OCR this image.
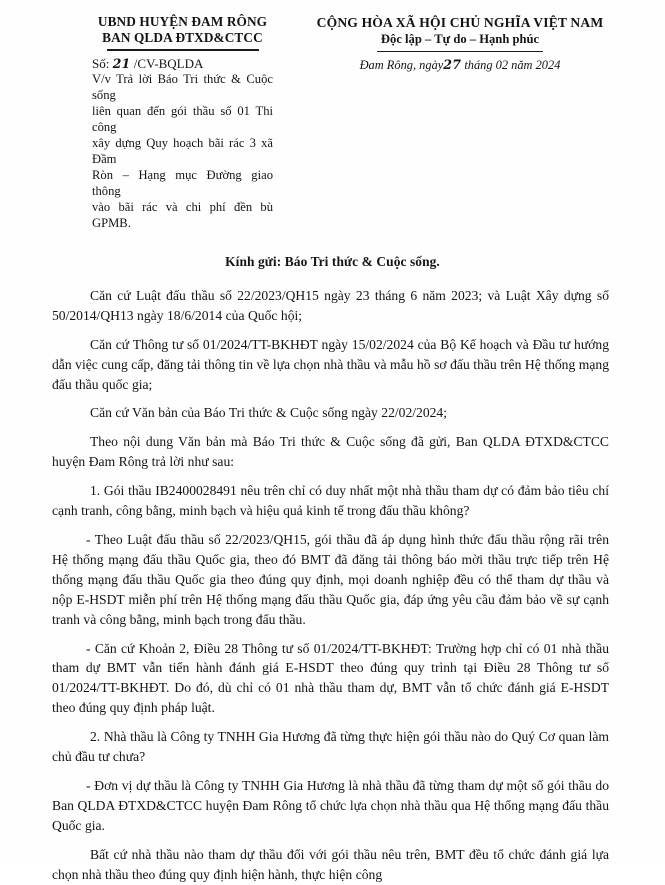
UBND HUYỆN ĐAM RÔNG
BAN QLDA ĐTXD&CTCC
Số: 21 /CV-BQLDA
V/v Trả lời Báo Tri thức & Cuộc sống
liên quan đến gói thầu số 01 Thi công
xây dựng Quy hoạch bãi rác 3 xã Đầm
Ròn – Hạng mục Đường giao thông
vào bãi rác và chi phí đền bù GPMB.
CỘNG HÒA XÃ HỘI CHỦ NGHĨA VIỆT NAM
Độc lập – Tự do – Hạnh phúc
Đam Rông, ngày27 tháng 02 năm 2024
Kính gửi: Báo Tri thức & Cuộc sống.

Căn cứ Luật đấu thầu số 22/2023/QH15 ngày 23 tháng 6 năm 2023; và Luật Xây dựng số 50/2014/QH13 ngày 18/6/2014 của Quốc hội;

Căn cứ Thông tư số 01/2024/TT-BKHĐT ngày 15/02/2024 của Bộ Kế hoạch và Đầu tư hướng dẫn việc cung cấp, đăng tải thông tin về lựa chọn nhà thầu và mẫu hồ sơ đấu thầu trên Hệ thống mạng đấu thầu quốc gia;

Căn cứ Văn bản của Báo Tri thức & Cuộc sống ngày 22/02/2024;

Theo nội dung Văn bản mà Báo Tri thức & Cuộc sống đã gửi, Ban QLDA ĐTXD&CTCC huyện Đam Rông trả lời như sau:

1. Gói thầu IB2400028491 nêu trên chỉ có duy nhất một nhà thầu tham dự có đảm bảo tiêu chí cạnh tranh, công bằng, minh bạch và hiệu quả kinh tế trong đấu thầu không?

- Theo Luật đấu thầu số 22/2023/QH15, gói thầu đã áp dụng hình thức đấu thầu rộng rãi trên Hệ thống mạng đấu thầu Quốc gia, theo đó BMT đã đăng tải thông báo mời thầu trực tiếp trên Hệ thống mạng đấu thầu Quốc gia theo đúng quy định, mọi doanh nghiệp đều có thể tham dự thầu và nộp E-HSDT miễn phí trên Hệ thống mạng đấu thầu Quốc gia, đáp ứng yêu cầu đảm bảo về sự cạnh tranh và công bằng, minh bạch trong đấu thầu.

- Căn cứ Khoản 2, Điều 28 Thông tư số 01/2024/TT-BKHĐT: Trường hợp chỉ có 01 nhà thầu tham dự BMT vẫn tiến hành đánh giá E-HSDT theo đúng quy trình tại Điều 28 Thông tư số 01/2024/TT-BKHĐT. Do đó, dù chỉ có 01 nhà thầu tham dự, BMT vẫn tổ chức đánh giá E-HSDT theo đúng quy định pháp luật.

2. Nhà thầu là Công ty TNHH Gia Hương đã từng thực hiện gói thầu nào do Quý Cơ quan làm chủ đầu tư chưa?

- Đơn vị dự thầu là Công ty TNHH Gia Hương là nhà thầu đã từng tham dự một số gói thầu do Ban QLDA ĐTXD&CTCC huyện Đam Rông tổ chức lựa chọn nhà thầu qua Hệ thống mạng đấu thầu Quốc gia.

Bất cứ nhà thầu nào tham dự thầu đối với gói thầu nêu trên, BMT đều tổ chức đánh giá lựa chọn nhà thầu theo đúng quy định hiện hành, thực hiện công
